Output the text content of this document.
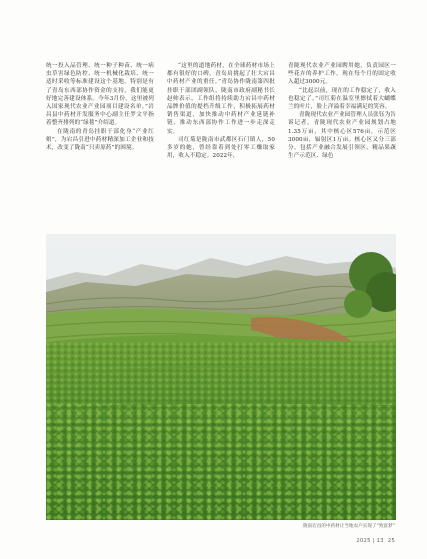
统一投入品管理、统一种子种苗、统一病虫草害绿色防控、统一机械化栽培、统一适时采收等标准建设这个基地。特别是有了青岛东西部协作资金的支持，我们能更好地完善建设体系。今年3月份，这里被列入国家现代农业产业园项目建设名单。”岩昌县中药材开发服务中心副主任罗文平指着整齐排列的“绿毯”介绍道。

在陇南的青岛挂职干部化身“产业红娘”，为宕昌引进中药材精深加工企业和技术，改变了陇南“只卖原药”的困境。

“这里的道地药材，在全球药材市场上都有很好的口碑，青岛肩挑起了壮大宕昌中药材产业的重任。”青岛协作陇南第四批挂职干部团副领队、陇南市政府副秘书长赵帅表示，工作组将持续助力宕昌中药材品牌价值的提档升级工作，积极拓展药材销售渠道，加快推动中药材产业延链补链，推动东西部协作工作进一步走深走实。

司红菊是陇南市武都区石门镇人，50多岁的她，曾经靠着到处打零工赚取家用，收入不稳定。2022年，

青陇现代农业产业园聘用她，负责园区一些花卉的养护工作，现在每个月的固定收入超过3000元。

“比起以前，现在的工作稳定了，收入也稳定了。”司红菊在温室里擦拭着大蝴蝶兰的叶片，脸上洋溢着幸福满足的笑容。

青陇现代农业产业园管理人员张钰为告诉记者，青陇现代农业产业园规划占地1.35万亩，其中核心区576亩，示范区3000亩，辐射区1万亩。核心区又分三部分，包括产业融合发展引领区、精品果蔬生产示范区、绿色

陇南宕昌的中药材让当地农户实现了“致富梦”
2025 | 13 25
